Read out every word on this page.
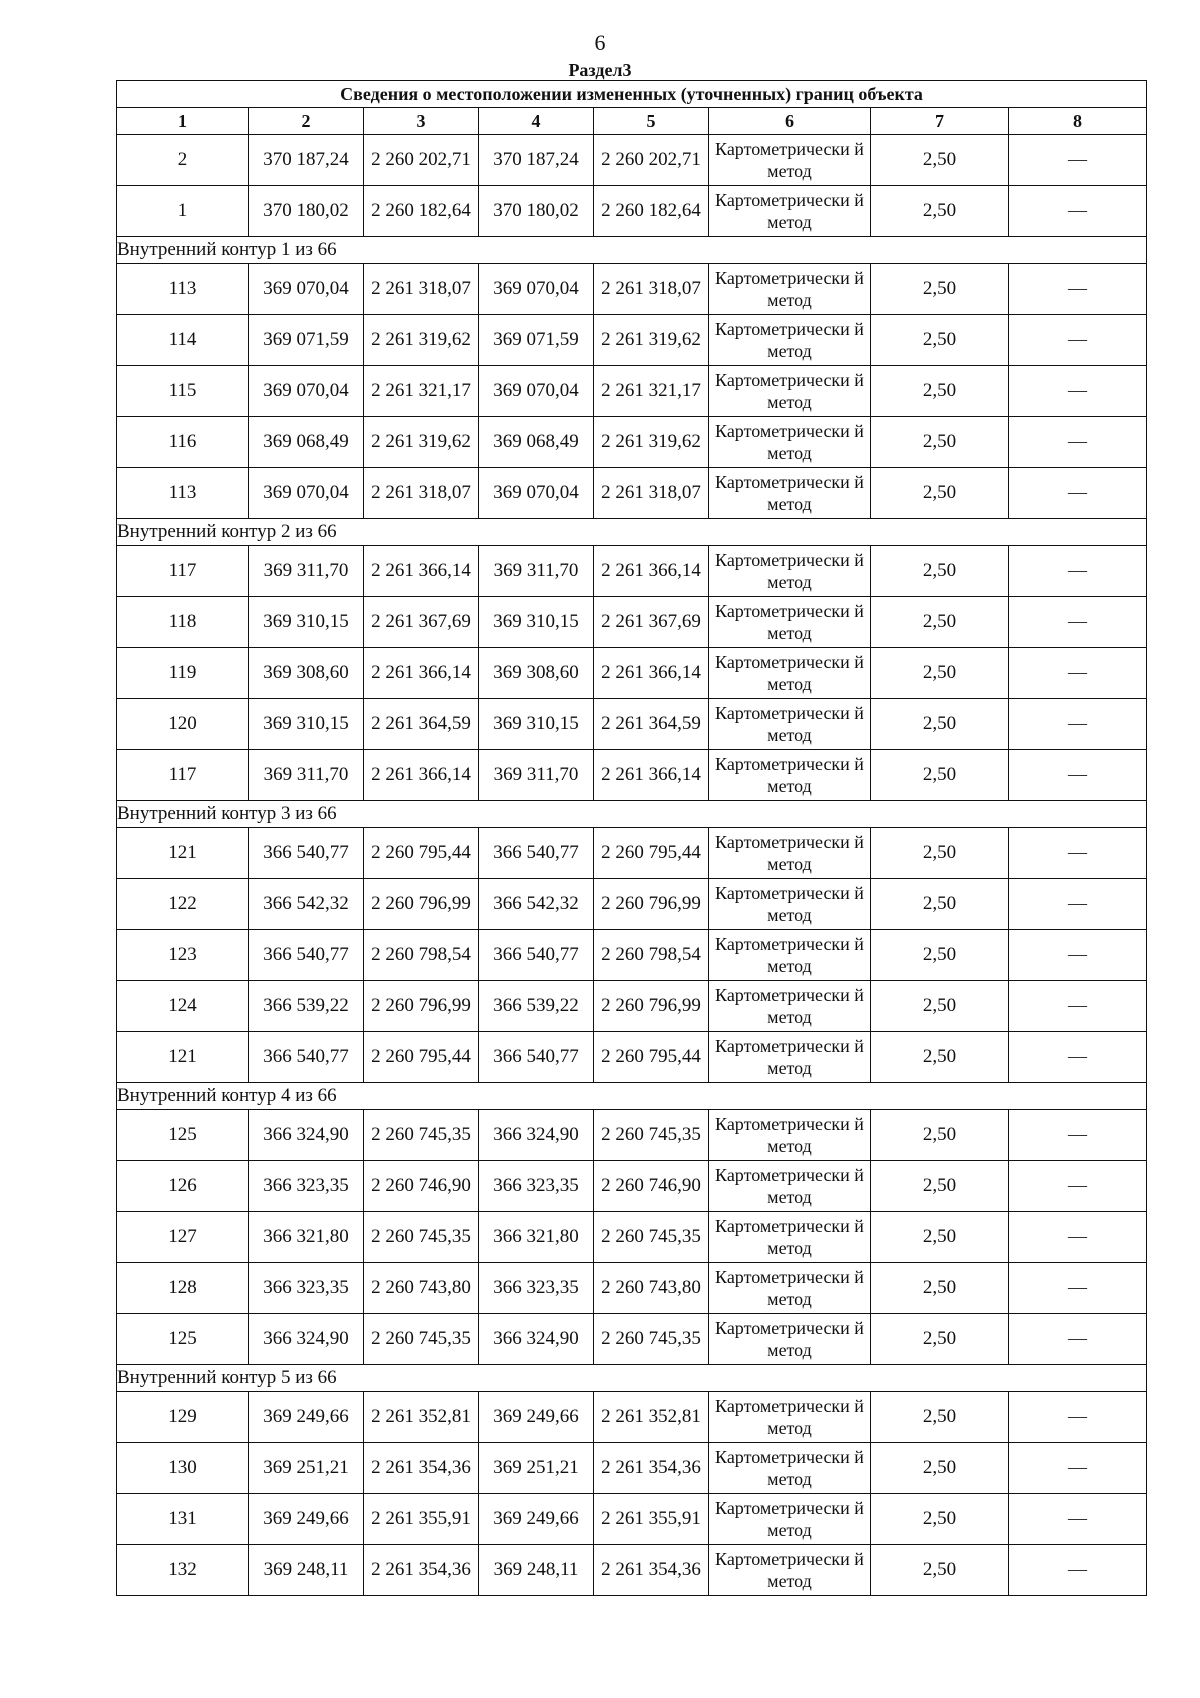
6
Раздел3
Сведения о местоположении измененных (уточненных) границ объекта							
1	2	3	4	5	6	7	8
2	370 187,24	2 260 202,71	370 187,24	2 260 202,71	Картометрически й метод	2,50	—
1	370 180,02	2 260 182,64	370 180,02	2 260 182,64	Картометрически й метод	2,50	—
Внутренний контур 1 из 66							
113	369 070,04	2 261 318,07	369 070,04	2 261 318,07	Картометрически й метод	2,50	—
114	369 071,59	2 261 319,62	369 071,59	2 261 319,62	Картометрически й метод	2,50	—
115	369 070,04	2 261 321,17	369 070,04	2 261 321,17	Картометрически й метод	2,50	—
116	369 068,49	2 261 319,62	369 068,49	2 261 319,62	Картометрически й метод	2,50	—
113	369 070,04	2 261 318,07	369 070,04	2 261 318,07	Картометрически й метод	2,50	—
Внутренний контур 2 из 66							
117	369 311,70	2 261 366,14	369 311,70	2 261 366,14	Картометрически й метод	2,50	—
118	369 310,15	2 261 367,69	369 310,15	2 261 367,69	Картометрически й метод	2,50	—
119	369 308,60	2 261 366,14	369 308,60	2 261 366,14	Картометрически й метод	2,50	—
120	369 310,15	2 261 364,59	369 310,15	2 261 364,59	Картометрически й метод	2,50	—
117	369 311,70	2 261 366,14	369 311,70	2 261 366,14	Картометрически й метод	2,50	—
Внутренний контур 3 из 66							
121	366 540,77	2 260 795,44	366 540,77	2 260 795,44	Картометрически й метод	2,50	—
122	366 542,32	2 260 796,99	366 542,32	2 260 796,99	Картометрически й метод	2,50	—
123	366 540,77	2 260 798,54	366 540,77	2 260 798,54	Картометрически й метод	2,50	—
124	366 539,22	2 260 796,99	366 539,22	2 260 796,99	Картометрически й метод	2,50	—
121	366 540,77	2 260 795,44	366 540,77	2 260 795,44	Картометрически й метод	2,50	—
Внутренний контур 4 из 66							
125	366 324,90	2 260 745,35	366 324,90	2 260 745,35	Картометрически й метод	2,50	—
126	366 323,35	2 260 746,90	366 323,35	2 260 746,90	Картометрически й метод	2,50	—
127	366 321,80	2 260 745,35	366 321,80	2 260 745,35	Картометрически й метод	2,50	—
128	366 323,35	2 260 743,80	366 323,35	2 260 743,80	Картометрически й метод	2,50	—
125	366 324,90	2 260 745,35	366 324,90	2 260 745,35	Картометрически й метод	2,50	—
Внутренний контур 5 из 66							
129	369 249,66	2 261 352,81	369 249,66	2 261 352,81	Картометрически й метод	2,50	—
130	369 251,21	2 261 354,36	369 251,21	2 261 354,36	Картометрически й метод	2,50	—
131	369 249,66	2 261 355,91	369 249,66	2 261 355,91	Картометрически й метод	2,50	—
132	369 248,11	2 261 354,36	369 248,11	2 261 354,36	Картометрически й метод	2,50	—
